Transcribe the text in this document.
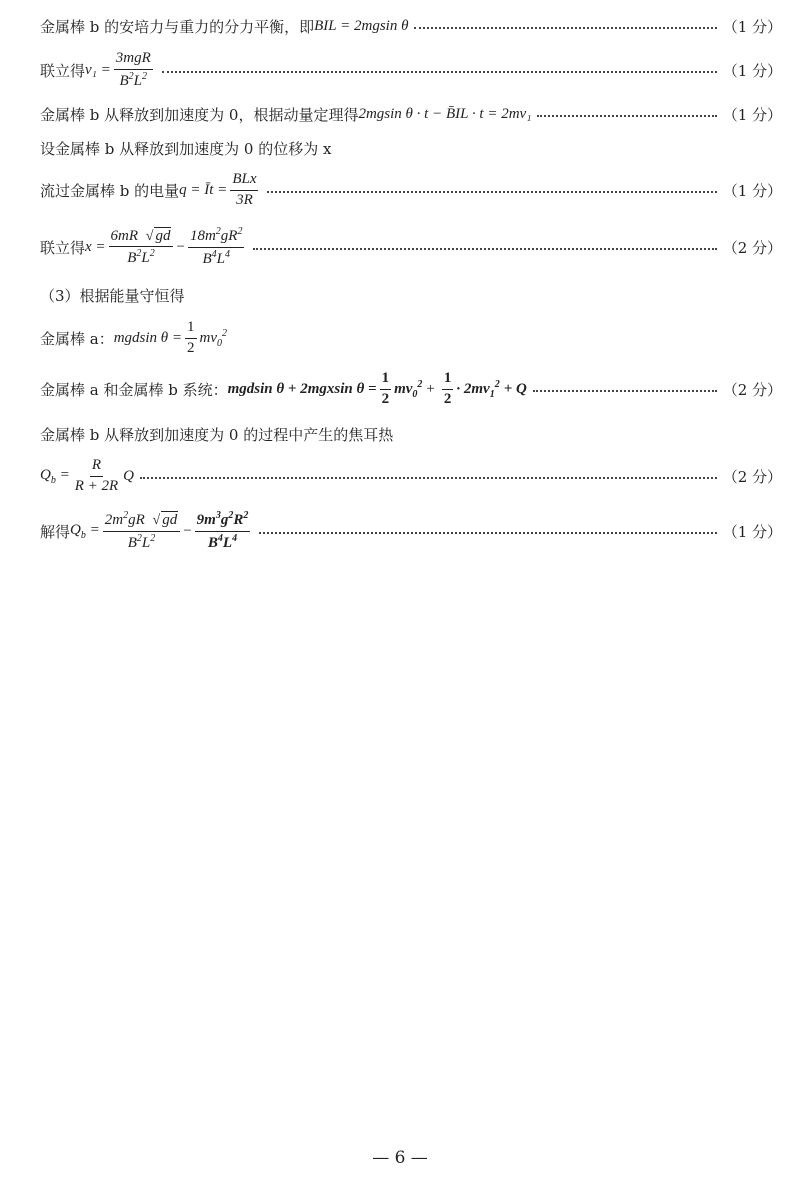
金属棒 b 的安培力与重力的分力平衡，即 BIL = 2mgsin θ	（1 分）
联立得 $v_1 = \frac{\text{3mgR}}{B^2L^2}$	（1 分）
金属棒 b 从释放到加速度为 0，根据动量定理得 2mgsin θ · t − B̄IL · t = 2mv₁	（1 分）
设金属棒 b 从释放到加速度为 0 的位移为 x
流过金属棒 b 的电量 q = Īt = $\frac{\text{BLx}}{3R}$	（1 分）
联立得 $x = \frac{6mR √ gd}{B^2L^2} - \frac{18m^2gR^2}{B^4L^4}$	（2 分）
（3）根据能量守恒得
金属棒 a： mgdsin $\theta = \frac{1}{2} mv_0^2$
金属棒 a 和金属棒 b 系统： mgdsin θ + 2mgxsin $\theta = \frac{1}{2} mv_0^2 + \frac{1}{2} \cdot 2mv_1^2 + Q$	（2 分）
金属棒 b 从释放到加速度为 0 的过程中产生的焦耳热
$Q_b = \frac{R}{R + 2R}$ Q	（2 分）
解得 $Q_b = \frac{2m^2gR √ gd}{B^2L^2} - \frac{9m^3g^2R^2}{B^4L^4}$	（1 分）
— 6 —
